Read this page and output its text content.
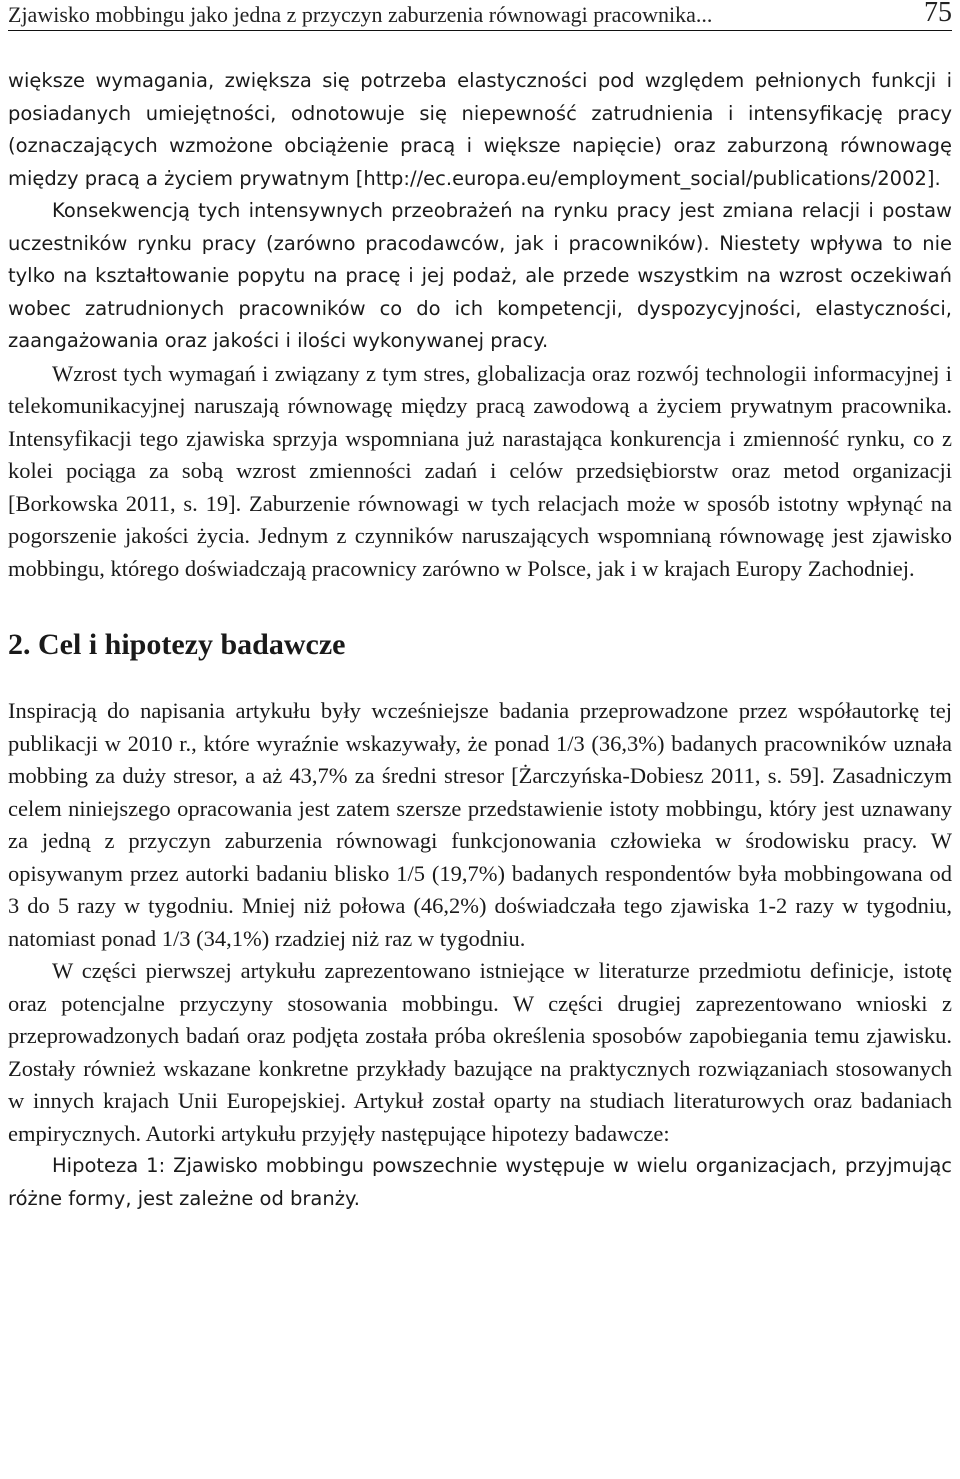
Zjawisko mobbingu jako jedna z przyczyn zaburzenia równowagi pracownika...	75

większe wymagania, zwiększa się potrzeba elastyczności pod względem pełnionych funkcji i posiadanych umiejętności, odnotowuje się niepewność zatrudnienia i intensyfikację pracy (oznaczających wzmożone obciążenie pracą i większe napięcie) oraz zaburzoną równowagę między pracą a życiem prywatnym [http://ec.europa.eu/employment_social/publications/2002].

Konsekwencją tych intensywnych przeobrażeń na rynku pracy jest zmiana relacji i postaw uczestników rynku pracy (zarówno pracodawców, jak i pracowników). Niestety wpływa to nie tylko na kształtowanie popytu na pracę i jej podaż, ale przede wszystkim na wzrost oczekiwań wobec zatrudnionych pracowników co do ich kompetencji, dyspozycyjności, elastyczności, zaangażowania oraz jakości i ilości wykonywanej pracy.

Wzrost tych wymagań i związany z tym stres, globalizacja oraz rozwój technologii informacyjnej i telekomunikacyjnej naruszają równowagę między pracą zawodową a życiem prywatnym pracownika. Intensyfikacji tego zjawiska sprzyja wspomniana już narastająca konkurencja i zmienność rynku, co z kolei pociąga za sobą wzrost zmienności zadań i celów przedsiębiorstw oraz metod organizacji [Borkowska 2011, s. 19]. Zaburzenie równowagi w tych relacjach może w sposób istotny wpłynąć na pogorszenie jakości życia. Jednym z czynników naruszających wspomnianą równowagę jest zjawisko mobbingu, którego doświadczają pracownicy zarówno w Polsce, jak i w krajach Europy Zachodniej.

2. Cel i hipotezy badawcze

Inspiracją do napisania artykułu były wcześniejsze badania przeprowadzone przez współautorkę tej publikacji w 2010 r., które wyraźnie wskazywały, że ponad 1/3 (36,3%) badanych pracowników uznała mobbing za duży stresor, a aż 43,7% za średni stresor [Żarczyńska-Dobiesz 2011, s. 59]. Zasadniczym celem niniejszego opracowania jest zatem szersze przedstawienie istoty mobbingu, który jest uznawany za jedną z przyczyn zaburzenia równowagi funkcjonowania człowieka w środowisku pracy. W opisywanym przez autorki badaniu blisko 1/5 (19,7%) badanych respondentów była mobbingowana od 3 do 5 razy w tygodniu. Mniej niż połowa (46,2%) doświadczała tego zjawiska 1-2 razy w tygodniu, natomiast ponad 1/3 (34,1%) rzadziej niż raz w tygodniu.

W części pierwszej artykułu zaprezentowano istniejące w literaturze przedmiotu definicje, istotę oraz potencjalne przyczyny stosowania mobbingu. W części drugiej zaprezentowano wnioski z przeprowadzonych badań oraz podjęta została próba określenia sposobów zapobiegania temu zjawisku. Zostały również wskazane konkretne przykłady bazujące na praktycznych rozwiązaniach stosowanych w innych krajach Unii Europejskiej. Artykuł został oparty na studiach literaturowych oraz badaniach empirycznych. Autorki artykułu przyjęły następujące hipotezy badawcze:

Hipoteza 1: Zjawisko mobbingu powszechnie występuje w wielu organizacjach, przyjmując różne formy, jest zależne od branży.
